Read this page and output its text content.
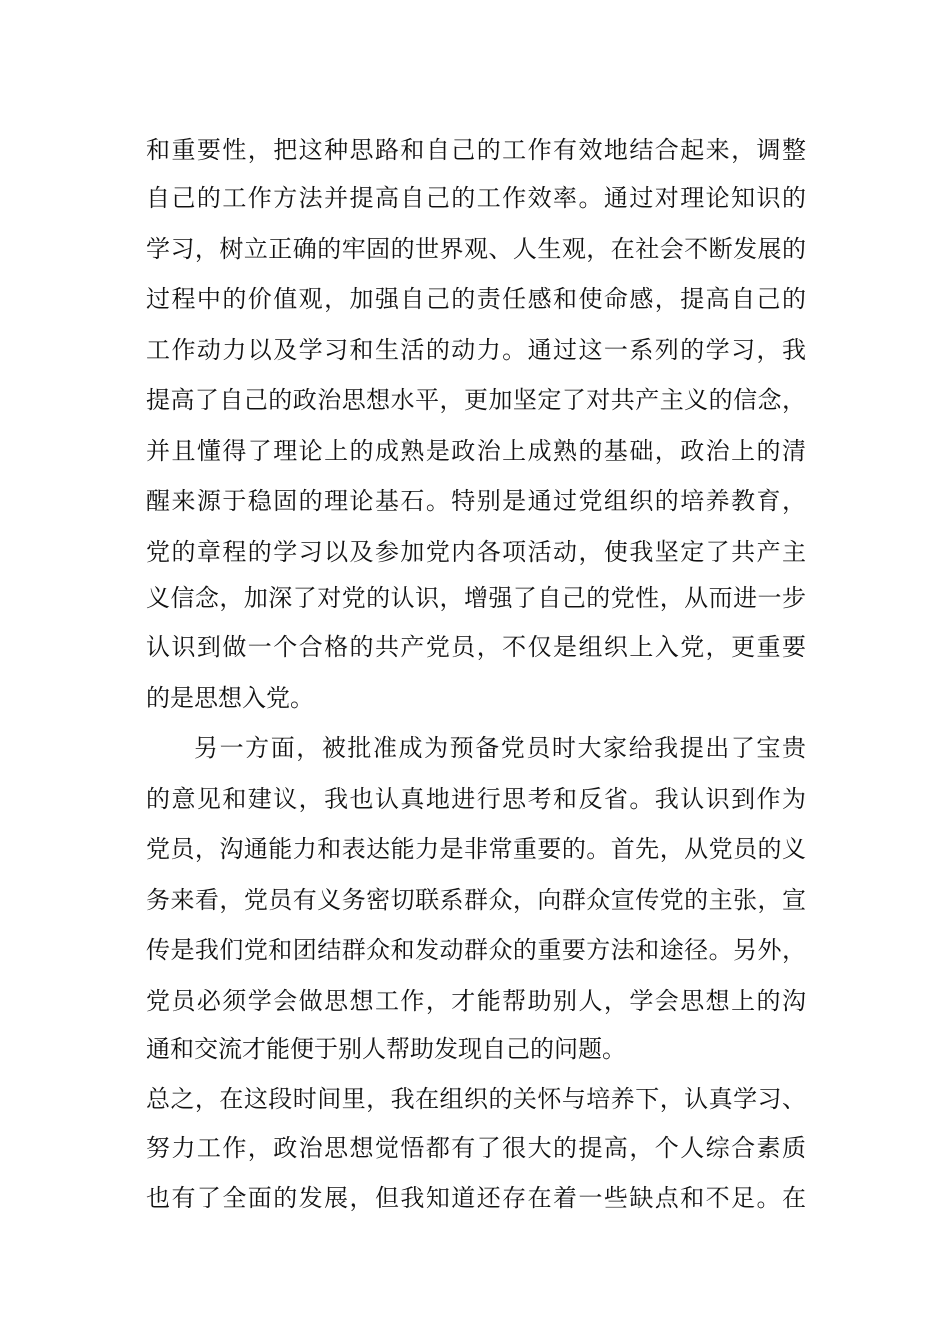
和重要性，把这种思路和自己的工作有效地结合起来，调整
自己的工作方法并提高自己的工作效率。通过对理论知识的
学习，树立正确的牢固的世界观、人生观，在社会不断发展的
过程中的价值观，加强自己的责任感和使命感，提高自己的
工作动力以及学习和生活的动力。通过这一系列的学习，我
提高了自己的政治思想水平，更加坚定了对共产主义的信念，
并且懂得了理论上的成熟是政治上成熟的基础，政治上的清
醒来源于稳固的理论基石。特别是通过党组织的培养教育，
党的章程的学习以及参加党内各项活动，使我坚定了共产主
义信念，加深了对党的认识，增强了自己的党性，从而进一步
认识到做一个合格的共产党员，不仅是组织上入党，更重要
的是思想入党。
另一方面，被批准成为预备党员时大家给我提出了宝贵
的意见和建议，我也认真地进行思考和反省。我认识到作为
党员，沟通能力和表达能力是非常重要的。首先，从党员的义
务来看，党员有义务密切联系群众，向群众宣传党的主张，宣
传是我们党和团结群众和发动群众的重要方法和途径。另外，
党员必须学会做思想工作，才能帮助别人，学会思想上的沟
通和交流才能便于别人帮助发现自己的问题。
总之，在这段时间里，我在组织的关怀与培养下，认真学习、
努力工作，政治思想觉悟都有了很大的提高，个人综合素质
也有了全面的发展，但我知道还存在着一些缺点和不足。在
